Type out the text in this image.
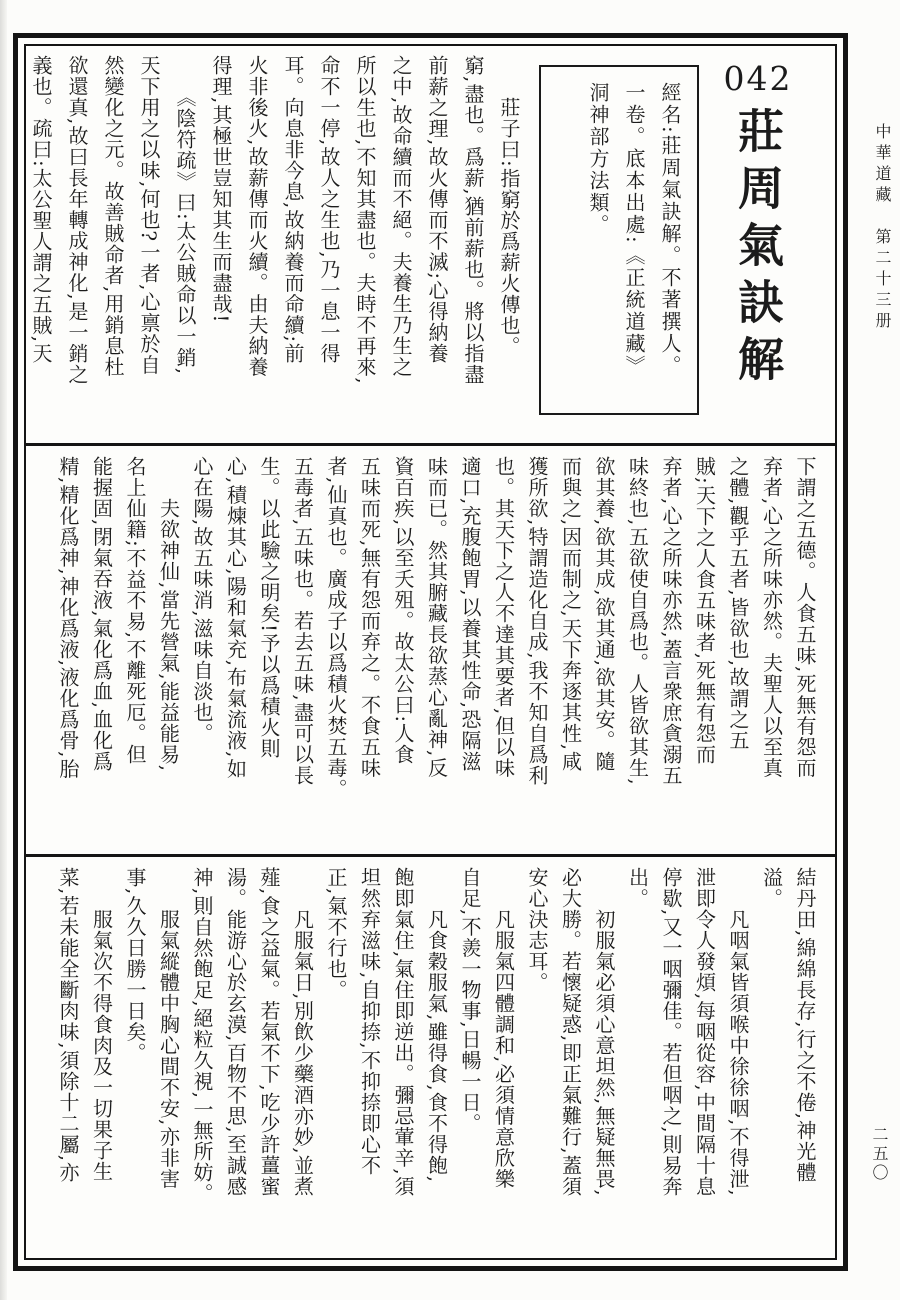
中華道藏　第二十三册
二五〇
042
莊周氣訣解
經名:莊周氣訣解。不著撰人。
一卷。底本出處:《正統道藏》
洞神部方法類。
　　莊子曰:指窮於爲薪火傳也。
窮,盡也。爲薪,猶前薪也。將以指盡
前薪之理,故火傳而不滅;心得納養
之中,故命續而不絕。夫養生乃生之
所以生也,不知其盡也。夫時不再來,
命不一停,故人之生也,乃一息一得
耳。向息非今息,故納養而命續;前
火非後火,故薪傳而火續。由夫納養
得理,其極世豈知其生而盡哉!
　　《陰符疏》曰:太公賊命以一銷,
天下用之以味,何也?一者,心禀於自
然變化之元。故善賊命者,用銷息杜
欲還真,故曰長年轉成神化,是一銷之
義也。疏曰:太公聖人謂之五賊,天
下謂之五德。人食五味,死無有怨而
弃者,心之所味亦然。夫聖人以至真
之體,觀乎五者,皆欲也,故謂之五
賊;天下之人食五味者,死無有怨而
弃者,心之所味亦然,蓋言衆庶貪溺五
味終也,五欲使自爲也。人皆欲其生,
欲其養,欲其成,欲其通,欲其安。隨
而與之,因而制之,天下奔逐其性,咸
獲所欲,特謂造化自成,我不知自爲利
也。其天下之人不達其要者,但以味
適口,充腹飽胃,以養其性命,恐隔滋
味而已。然其腑藏長欲蒸心亂神,反
資百疾,以至夭殂。故太公曰:人食
五味而死,無有怨而弃之。不食五味
者,仙真也。廣成子以爲積火焚五毒。
五毒者,五味也。若去五味,盡可以長
生。以此驗之明矣!予以爲積火則
心,積煉其心,陽和氣充,布氣流液,如
心在陽,故五味消,滋味自淡也。
　　夫欲神仙,當先營氣,能益能易,
名上仙籍;不益不易,不離死厄。但
能握固,閉氣吞液,氣化爲血,血化爲
精,精化爲神,神化爲液,液化爲骨,胎
結丹田,綿綿長存,行之不倦,神光體
溢。
　　凡咽氣皆須喉中徐徐咽,不得泄,
泄即令人發煩,每咽從容,中間隔十息
停歇,又一咽彌佳。若但咽之,則易奔
出。
　　初服氣必須心意坦然,無疑無畏,
必大勝。若懷疑惑,即正氣難行,蓋須
安心決志耳。
　　凡服氣四體調和,必須情意欣樂
自足,不羨一物事,日暢一日。
　　凡食穀服氣,雖得食,食不得飽,
飽即氣住,氣住即逆出。彌忌葷辛,須
坦然弃滋味,自抑捺,不抑捺即心不
正,氣不行也。
　　凡服氣日,別飲少藥酒亦妙,並煮
薤,食之益氣。若氣不下,吃少許薑蜜
湯。能游心於玄漠,百物不思,至誠感
神,則自然飽足,絕粒久視,一無所妨。
　　服氣縱體中胸心間不安,亦非害
事,久久日勝一日矣。
　　服氣次不得食肉及一切果子生
菜,若未能全斷肉味,須除十二屬,亦
